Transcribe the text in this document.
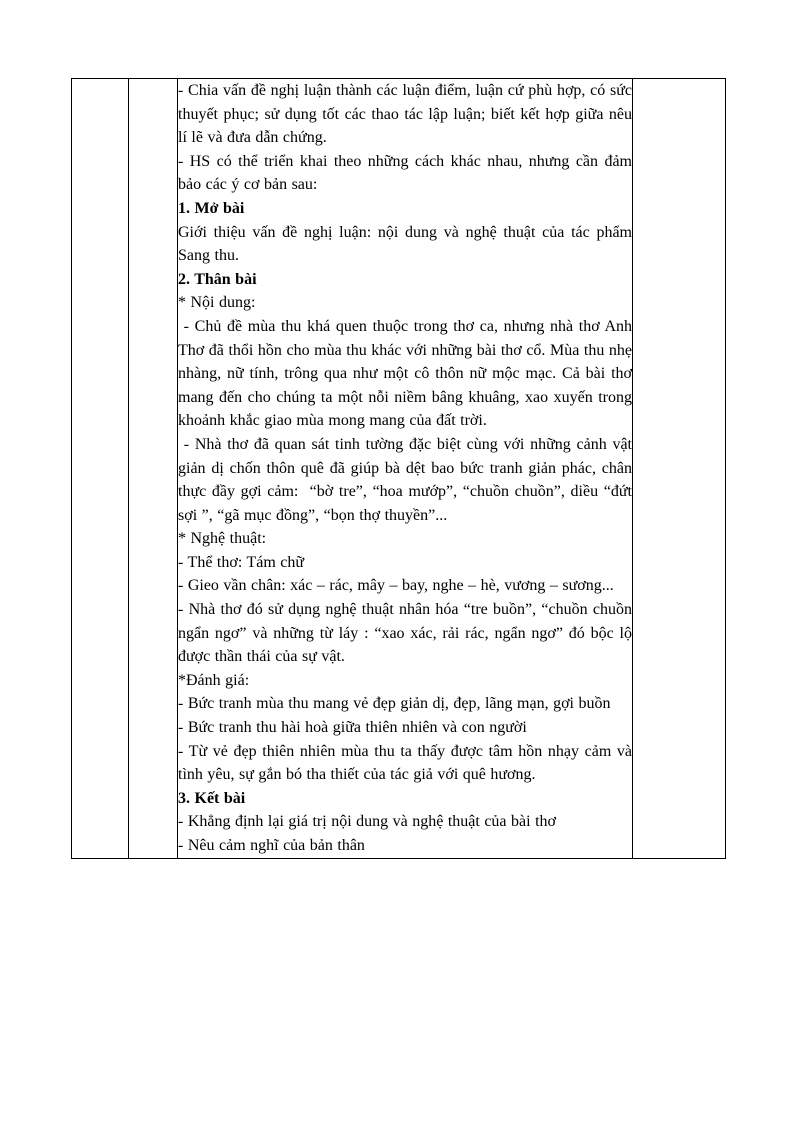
- Chia vấn đề nghị luận thành các luận điểm, luận cứ phù hợp, có sức thuyết phục; sử dụng tốt các thao tác lập luận; biết kết hợp giữa nêu lí lẽ và đưa dẫn chứng.
- HS có thể triển khai theo những cách khác nhau, nhưng cần đảm bảo các ý cơ bản sau:
1. Mở bài
Giới thiệu vấn đề nghị luận: nội dung và nghệ thuật của tác phẩm Sang thu.
2. Thân bài
* Nội dung:
- Chủ đề mùa thu khá quen thuộc trong thơ ca, nhưng nhà thơ Anh Thơ đã thổi hồn cho mùa thu khác với những bài thơ cổ. Mùa thu nhẹ nhàng, nữ tính, trông qua như một cô thôn nữ mộc mạc. Cả bài thơ mang đến cho chúng ta một nỗi niềm bâng khuâng, xao xuyến trong khoảnh khắc giao mùa mong mang của đất trời.
- Nhà thơ đã quan sát tinh tường đặc biệt cùng với những cảnh vật giản dị chốn thôn quê đã giúp bà dệt bao bức tranh giản phác, chân thực đầy gợi cảm:  “bờ tre”, “hoa mướp”, “chuồn chuồn”, diều “đứt sợi ”, “gã mục đồng”, “bọn thợ thuyền”...
* Nghệ thuật:
- Thể thơ: Tám chữ
- Gieo vần chân: xác – rác, mây – bay, nghe – hè, vương – sương...
- Nhà thơ đó sử dụng nghệ thuật nhân hóa “tre buồn”, “chuồn chuồn ngẩn ngơ” và những từ láy : “xao xác, rải rác, ngẩn ngơ” đó bộc lộ được thần thái của sự vật.
*Đánh giá:
- Bức tranh mùa thu mang vẻ đẹp giản dị, đẹp, lãng mạn, gợi buồn
- Bức tranh thu hài hoà giữa thiên nhiên và con người
- Từ vẻ đẹp thiên nhiên mùa thu ta thấy được tâm hồn nhạy cảm và tình yêu, sự gắn bó tha thiết của tác giả với quê hương.
3. Kết bài
- Khẳng định lại giá trị nội dung và nghệ thuật của bài thơ
- Nêu cảm nghĩ của bản thân
